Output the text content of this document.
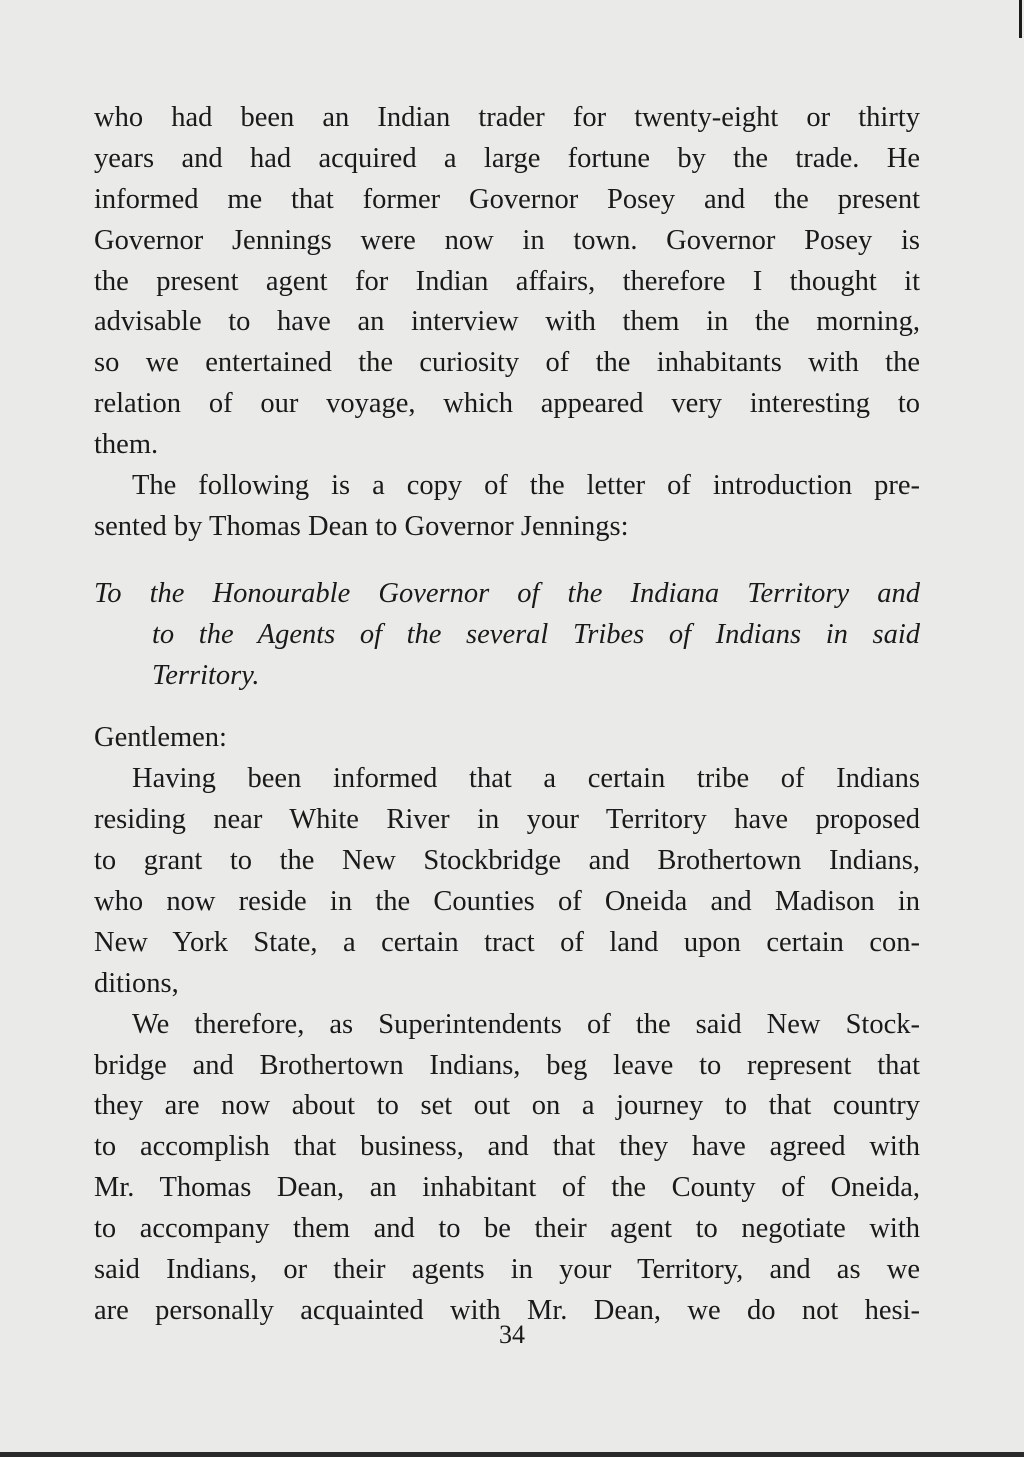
who had been an Indian trader for twenty-eight or thirty
years and had acquired a large fortune by the trade. He
informed me that former Governor Posey and the present
Governor Jennings were now in town. Governor Posey is
the present agent for Indian affairs, therefore I thought it
advisable to have an interview with them in the morning,
so we entertained the curiosity of the inhabitants with the
relation of our voyage, which appeared very interesting to
them.
The following is a copy of the letter of introduction pre-
sented by Thomas Dean to Governor Jennings:
To the Honourable Governor of the Indiana Territory and
to the Agents of the several Tribes of Indians in said
Territory.
Gentlemen:
Having been informed that a certain tribe of Indians
residing near White River in your Territory have proposed
to grant to the New Stockbridge and Brothertown Indians,
who now reside in the Counties of Oneida and Madison in
New York State, a certain tract of land upon certain con-
ditions,
We therefore, as Superintendents of the said New Stock-
bridge and Brothertown Indians, beg leave to represent that
they are now about to set out on a journey to that country
to accomplish that business, and that they have agreed with
Mr. Thomas Dean, an inhabitant of the County of Oneida,
to accompany them and to be their agent to negotiate with
said Indians, or their agents in your Territory, and as we
are personally acquainted with Mr. Dean, we do not hesi-
34
